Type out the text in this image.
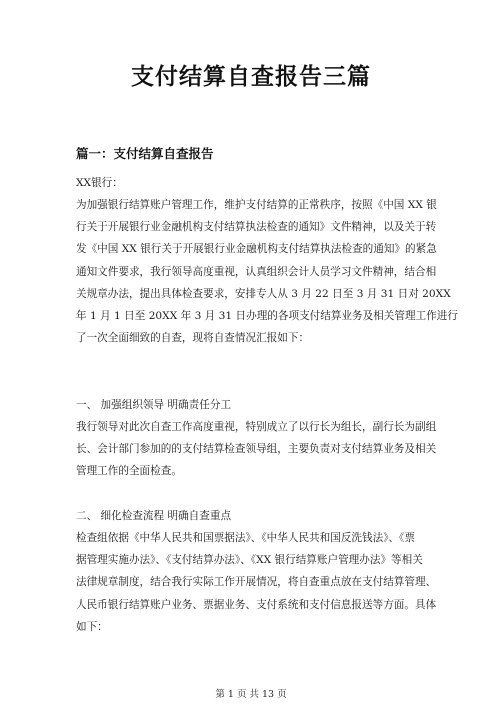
支付结算自查报告三篇
篇一：支付结算自查报告

XX银行：

为加强银行结算账户管理工作，维护支付结算的正常秩序，按照《中国 XX 银
行关于开展银行业金融机构支付结算执法检查的通知》文件精神，以及关于转
发《中国 XX 银行关于开展银行业金融机构支付结算执法检查的通知》的紧急
通知文件要求，我行领导高度重视，认真组织会计人员学习文件精神，结合相
关规章办法，提出具体检查要求，安排专人从 3 月 22 日至 3 月 31 日对 20XX
年 1 月 1 日至 20XX 年 3 月 31 日办理的各项支付结算业务及相关管理工作进行
了一次全面细致的自查，现将自查情况汇报如下：

一、 加强组织领导 明确责任分工

我行领导对此次自查工作高度重视，特别成立了以行长为组长，副行长为副组
长、会计部门参加的的支付结算检查领导组，主要负责对支付结算业务及相关
管理工作的全面检查。

二、 细化检查流程 明确自查重点

检查组依据《中华人民共和国票据法》、《中华人民共和国反洗钱法》、《票
据管理实施办法》、《支付结算办法》、《XX 银行结算账户管理办法》等相关
法律规章制度，结合我行实际工作开展情况，将自查重点放在支付结算管理、
人民币银行结算账户业务、票据业务、支付系统和支付信息报送等方面。具体
如下：

第 1 页 共 13 页
